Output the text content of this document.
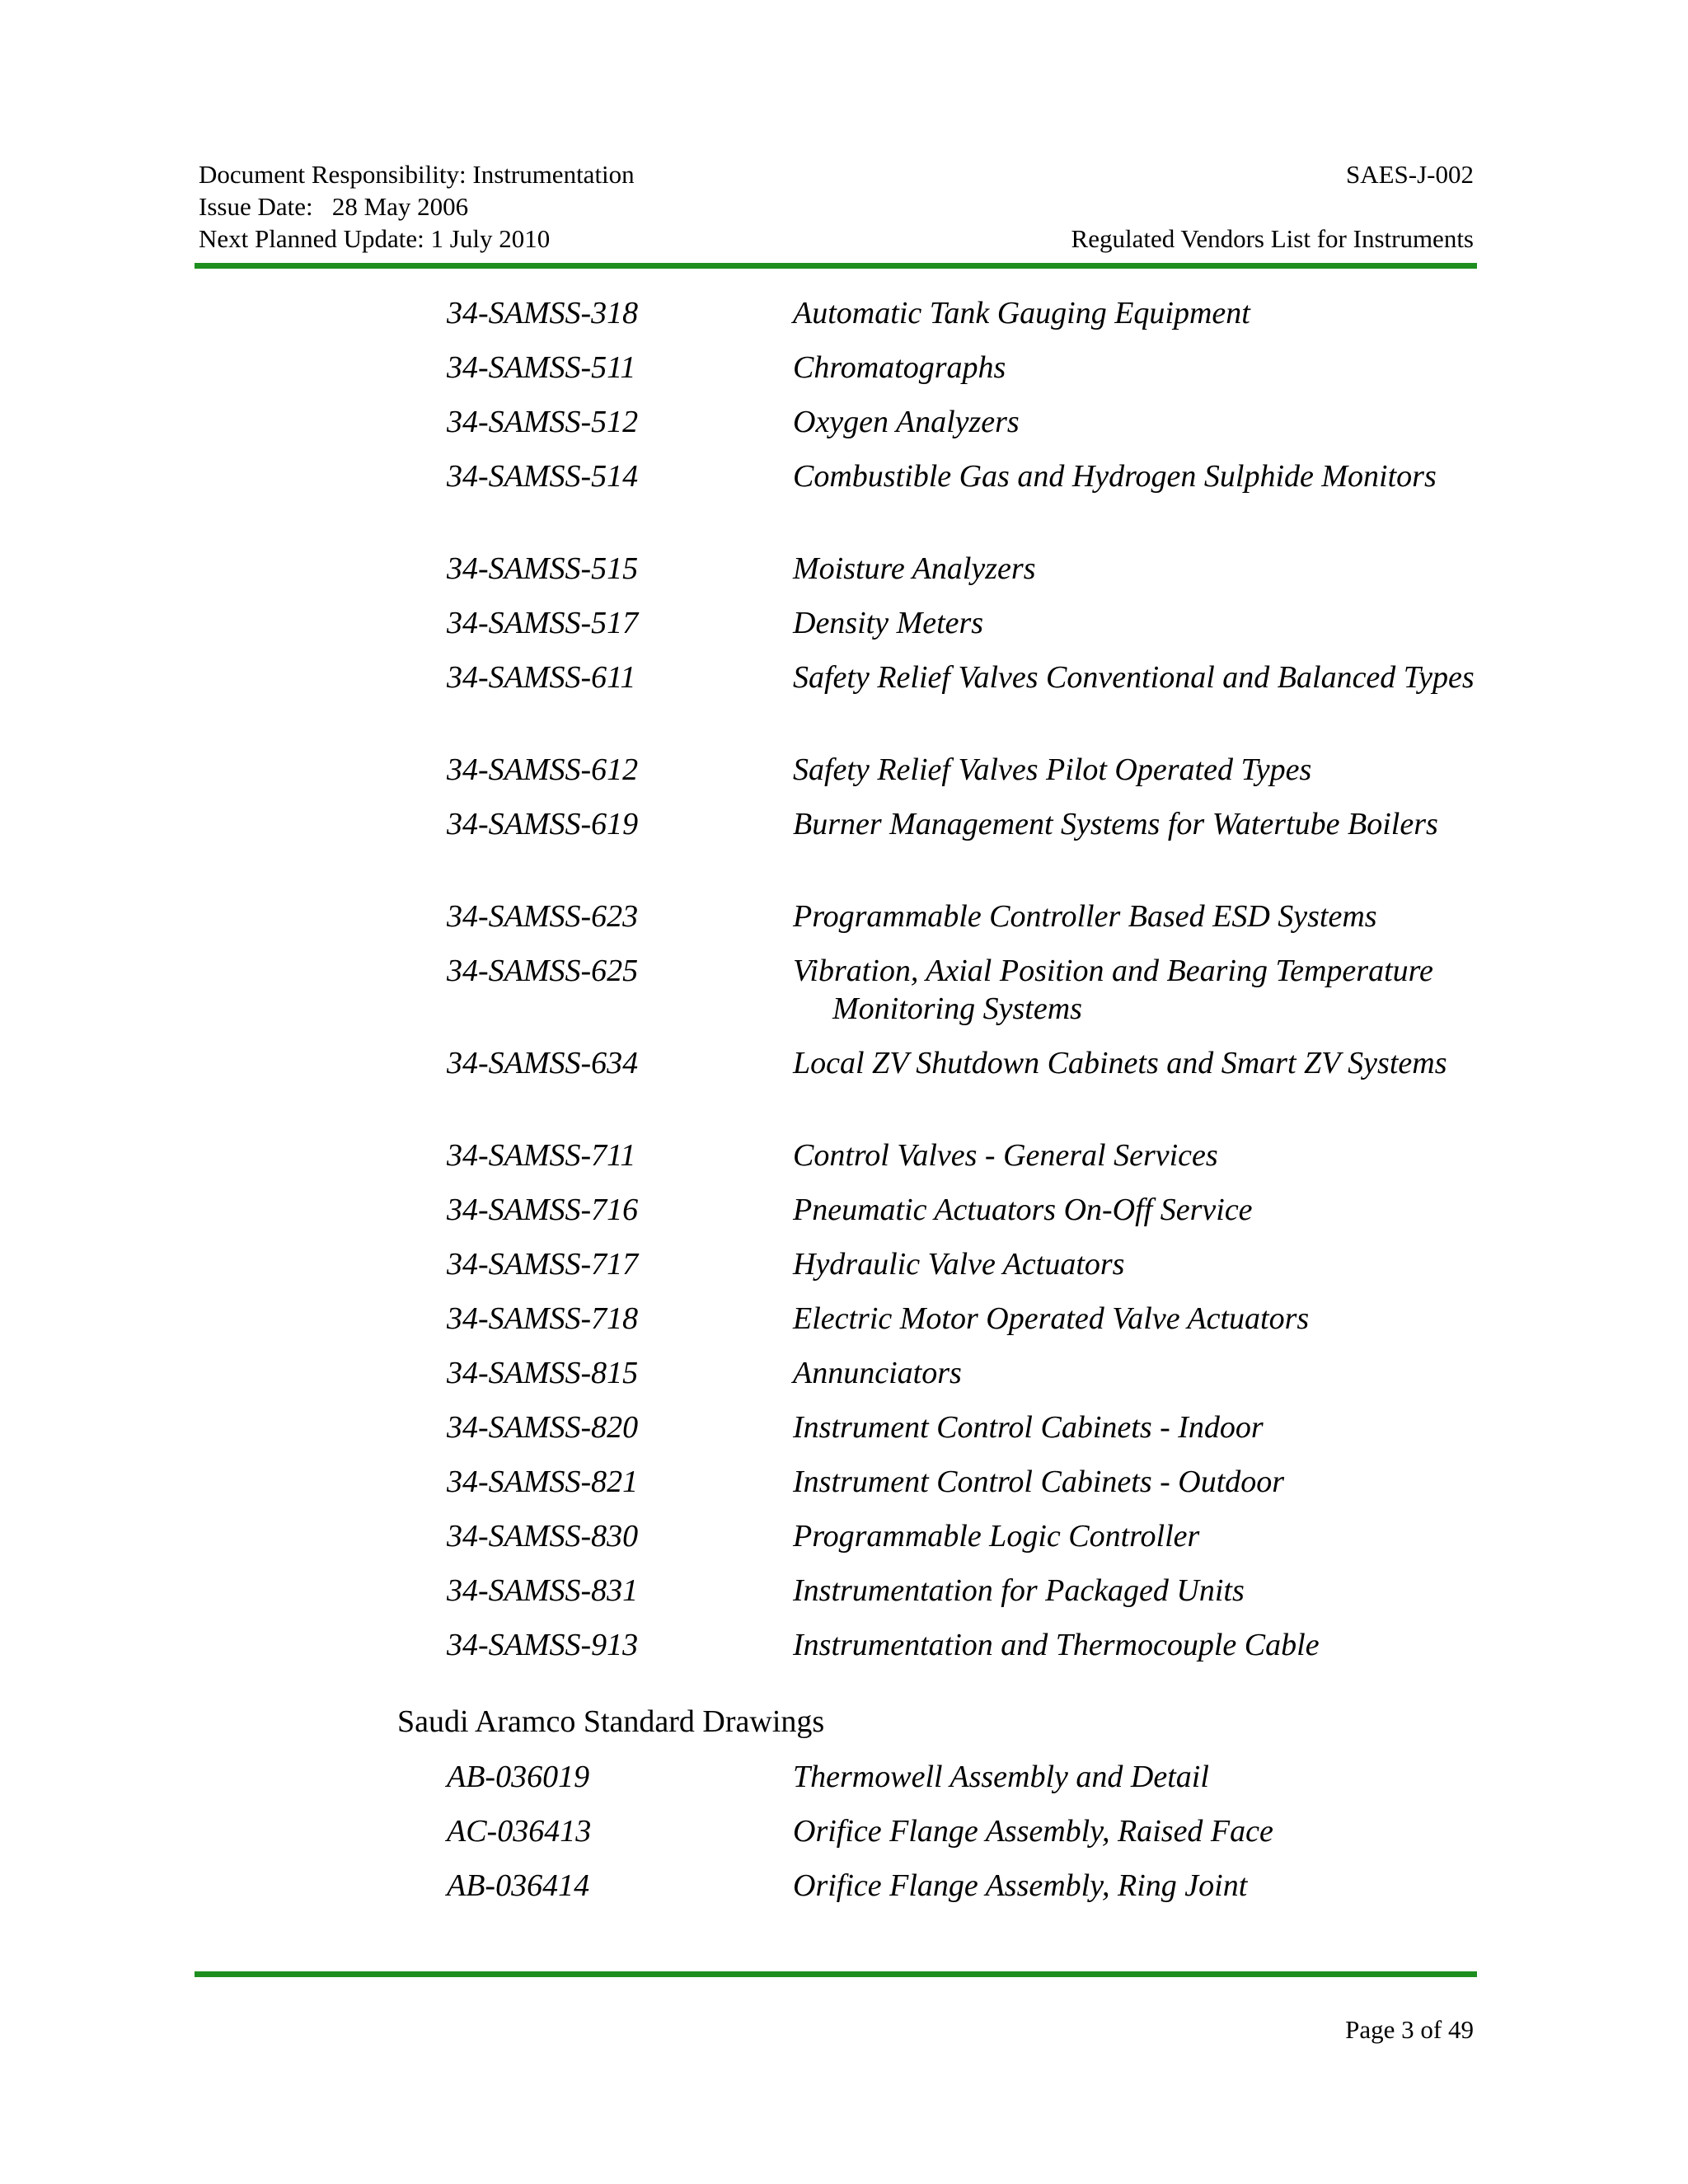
Document Responsibility: Instrumentation
Issue Date:   28 May 2006
Next Planned Update: 1 July 2010
SAES-J-002
Regulated Vendors List for Instruments
34-SAMSS-318	Automatic Tank Gauging Equipment
34-SAMSS-511	Chromatographs
34-SAMSS-512	Oxygen Analyzers
34-SAMSS-514	Combustible Gas and Hydrogen Sulphide Monitors
34-SAMSS-515	Moisture Analyzers
34-SAMSS-517	Density Meters
34-SAMSS-611	Safety Relief Valves Conventional and Balanced Types
34-SAMSS-612	Safety Relief Valves Pilot Operated Types
34-SAMSS-619	Burner Management Systems for Watertube Boilers
34-SAMSS-623	Programmable Controller Based ESD Systems
34-SAMSS-625	Vibration, Axial Position and Bearing Temperature Monitoring Systems
34-SAMSS-634	Local ZV Shutdown Cabinets and Smart ZV Systems
34-SAMSS-711	Control Valves - General Services
34-SAMSS-716	Pneumatic Actuators On-Off Service
34-SAMSS-717	Hydraulic Valve Actuators
34-SAMSS-718	Electric Motor Operated Valve Actuators
34-SAMSS-815	Annunciators
34-SAMSS-820	Instrument Control Cabinets - Indoor
34-SAMSS-821	Instrument Control Cabinets - Outdoor
34-SAMSS-830	Programmable Logic Controller
34-SAMSS-831	Instrumentation for Packaged Units
34-SAMSS-913	Instrumentation and Thermocouple Cable
Saudi Aramco Standard Drawings
AB-036019	Thermowell Assembly and Detail
AC-036413	Orifice Flange Assembly, Raised Face
AB-036414	Orifice Flange Assembly, Ring Joint
Page 3 of 49
